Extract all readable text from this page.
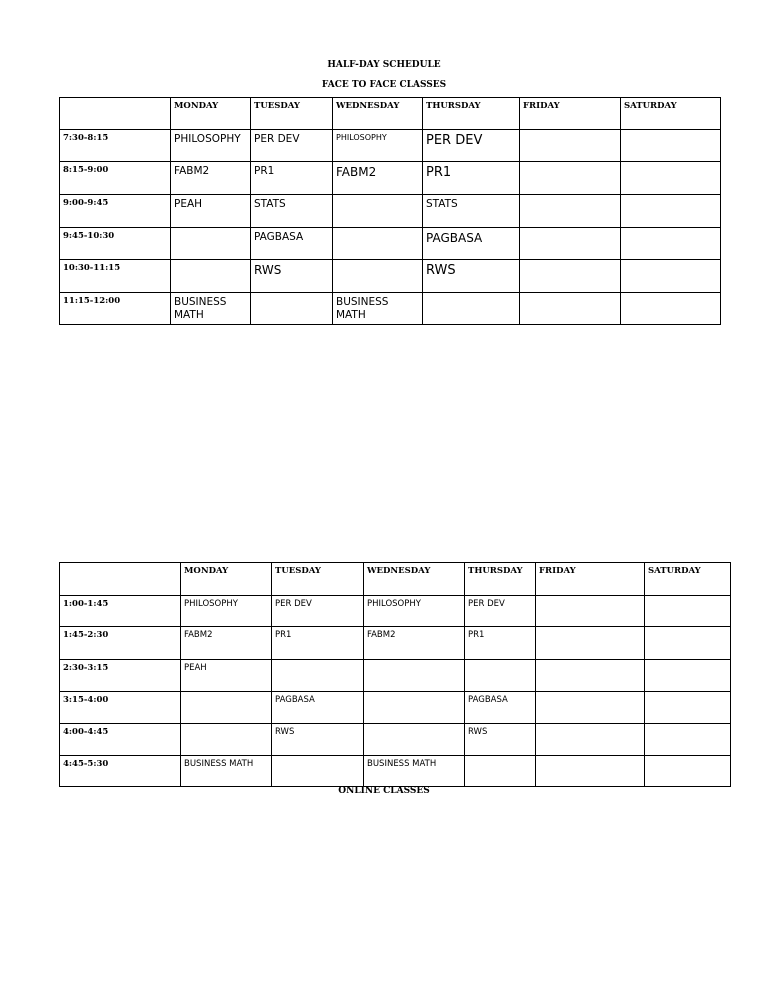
HALF-DAY SCHEDULE
FACE TO FACE CLASSES
	MONDAY	TUESDAY	WEDNESDAY	THURSDAY	FRIDAY	SATURDAY
7:30-8:15	PHILOSOPHY	PER DEV	PHILOSOPHY	PER DEV		
8:15-9:00	FABM2	PR1	FABM2	PR1		
9:00-9:45	PEAH	STATS		STATS		
9:45-10:30		PAGBASA		PAGBASA		
10:30-11:15		RWS		RWS		
11:15-12:00	BUSINESS MATH		BUSINESS MATH			
	MONDAY	TUESDAY	WEDNESDAY	THURSDAY	FRIDAY	SATURDAY
1:00-1:45	PHILOSOPHY	PER DEV	PHILOSOPHY	PER DEV		
1:45-2:30	FABM2	PR1	FABM2	PR1		
2:30-3:15	PEAH					
3:15-4:00		PAGBASA		PAGBASA		
4:00-4:45		RWS		RWS		
4:45-5:30	BUSINESS MATH		BUSINESS MATH			
ONLINE CLASSES
